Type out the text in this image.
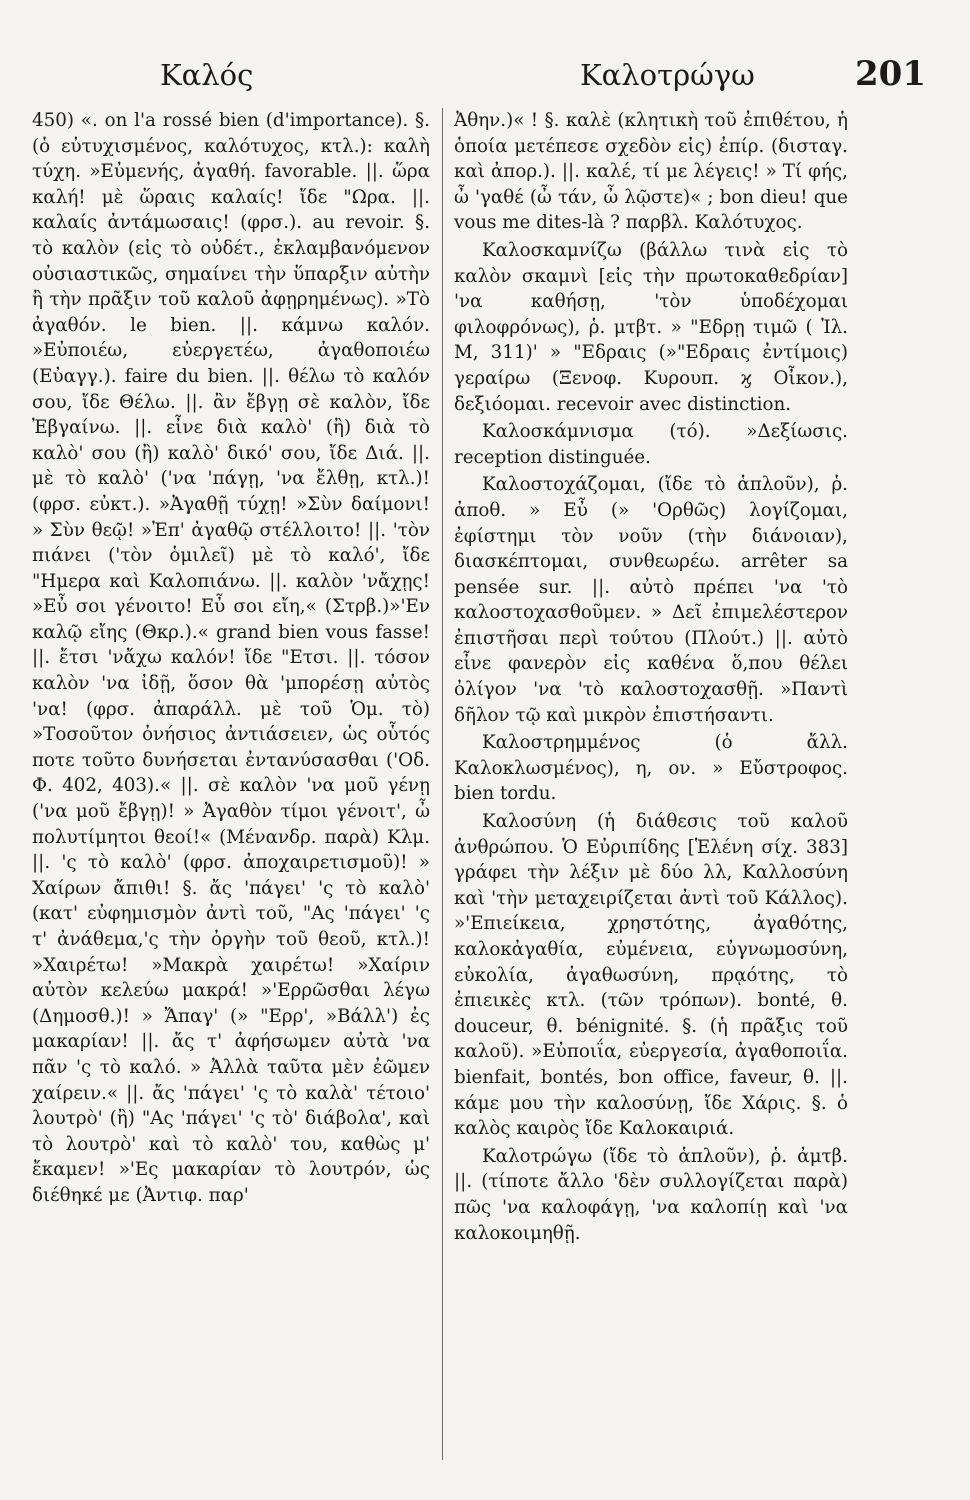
Καλός	Καλοτρώγω	201

450) «. on l'a rossé bien (d'importance). §. (ὁ εὐτυχισμένος, καλότυχος, κτλ.): καλὴ τύχη. »Εὐμενής, ἀγαθή. favorable. ||. ὥρα καλή! μὲ ὥραις καλαίς! ἴδε "Ωρα. ||. καλαίς ἀντάμωσαις! (φρσ.). au revoir. §. τὸ καλὸν (εἰς τὸ οὐδέτ., ἐκλαμβανόμενον οὐσιαστικῶς, σημαίνει τὴν ὕπαρξιν αὐτὴν ἢ τὴν πρᾶξιν τοῦ καλοῦ ἀφῃρημένως). »Τὸ ἀγαθόν. le bien. ||. κάμνω καλόν. »Εὐποιέω, εὐεργετέω, ἀγαθοποιέω (Εὐαγγ.). faire du bien. ||. θέλω τὸ καλόν σου, ἴδε Θέλω. ||. ἂν ἔβγῃ σὲ καλὸν, ἴδε Ἐβγαίνω. ||. εἶνε διὰ καλὸ' (ἢ) διὰ τὸ καλὸ' σου (ἢ) καλὸ' δικό' σου, ἴδε Διά. ||. μὲ τὸ καλὸ' ('να 'πάγῃ, 'να ἔλθῃ, κτλ.)! (φρσ. εὐκτ.). »Ἀγαθῇ τύχῃ! »Σὺν δαίμονι! » Σὺν θεῷ! »Ἐπ' ἀγαθῷ στέλλοιτο! ||. 'τὸν πιάνει ('τὸν ὁμιλεῖ) μὲ τὸ καλό', ἴδε "Ημερα καὶ Καλοπιάνω. ||. καλὸν 'νἄχῃς! »Εὖ σοι γένοιτο! Εὖ σοι εἴη,« (Στρβ.)»'Εν καλῷ εἴης (Θκρ.).« grand bien vous fasse! ||. ἔτσι 'νἄχω καλόν! ἴδε "Ετσι. ||. τόσον καλὸν 'να ἰδῇ, ὅσον θὰ 'μπορέσῃ αὐτὸς 'να! (φρσ. ἀπαράλλ. μὲ τοῦ Ὁμ. τὸ) »Τοσοῦτον ὀνήσιος ἀντιάσειεν, ὡς οὗτός ποτε τοῦτο δυνήσεται ἐντανύσασθαι ('Οδ. Φ. 402, 403).« ||. σὲ καλὸν 'να μοῦ γένῃ ('να μοῦ ἔβγῃ)! » Ἀγαθὸν τίμοι γένοιτ', ὦ πολυτίμητοι θεοί!« (Μένανδρ. παρὰ) Κλμ. ||. 'ς τὸ καλὸ' (φρσ. ἀποχαιρετισμοῦ)! » Χαίρων ἄπιθι! §. ἄς 'πάγει' 'ς τὸ καλὸ' (κατ' εὐφημισμὸν ἀντὶ τοῦ, "Ας 'πάγει' 'ς τ' ἀνάθεμα,'ς τὴν ὀργὴν τοῦ θεοῦ, κτλ.)! »Χαιρέτω! »Μακρὰ χαιρέτω! »Χαίριν αὐτὸν κελεύω μακρά! »'Ερρῶσθαι λέγω (Δημοσθ.)! » Ἄπαγ' (» "Ερρ', »Βάλλ') ἐς μακαρίαν! ||. ἄς τ' ἀφήσωμεν αὐτὰ 'να πᾶν 'ς τὸ καλό. » Ἀλλὰ ταῦτα μὲν ἐῶμεν χαίρειν.« ||. ἄς 'πάγει' 'ς τὸ καλὰ' τέτοιο' λουτρὸ' (ἢ) "Ας 'πάγει' 'ς τὸ' διάβολα', καὶ τὸ λουτρὸ' καὶ τὸ καλὸ' του, καθὼς μ' ἔκαμεν! »'Ες μακαρίαν τὸ λουτρόν, ὡς διέθηκέ με (Ἀντιφ. παρ'

Ἀθην.)« ! §. καλὲ (κλητικὴ τοῦ ἐπιθέτου, ἡ ὁποία μετέπεσε σχεδὸν εἰς) ἐπίρ. (δισταγ. καὶ ἀπορ.). ||. καλέ, τί με λέγεις! » Τί φής, ὦ 'γαθέ (ὦ τάν, ὦ λῷστε)« ; bon dieu! que vous me dites-là ? παρβλ. Καλότυχος.

Καλοσκαμνίζω (βάλλω τινὰ εἰς τὸ καλὸν σκαμνὶ [εἰς τὴν πρωτοκαθεδρίαν] 'να καθήσῃ, 'τὸν ὑποδέχομαι φιλοφρόνως), ῥ. μτβτ. » "Εδρῃ τιμῶ ( Ἰλ. Μ, 311)' » "Εδραις (»"Εδραις ἐντίμοις) γεραίρω (Ξενοφ. Κυρουπ. ϗ Οἶκον.), δεξιόομαι. recevoir avec distinction.

Καλοσκάμνισμα (τό). »Δεξίωσις. reception distinguée.

Καλοστοχάζομαι, (ἴδε τὸ ἁπλοῦν), ῥ. ἀποθ. » Εὖ (» 'Ορθῶς) λογίζομαι, ἐφίστημι τὸν νοῦν (τὴν διάνοιαν), διασκέπτομαι, συνθεωρέω. arrêter sa pensée sur. ||. αὐτὸ πρέπει 'να 'τὸ καλοστοχασθοῦμεν. » Δεῖ ἐπιμελέστερον ἐπιστῆσαι περὶ τούτου (Πλούτ.) ||. αὐτὸ εἶνε φανερὸν εἰς καθένα ὅ,που θέλει ὀλίγον 'να 'τὸ καλοστοχασθῇ. »Παντὶ δῆλον τῷ καὶ μικρὸν ἐπιστήσαντι.

Καλοστρημμένος (ὁ ἄλλ. Καλοκλωσμένος), η, ον. » Εὔστροφος. bien tordu.

Καλοσύνη (ἡ διάθεσις τοῦ καλοῦ ἀνθρώπου. Ὁ Εὐριπίδης [Ἑλένη σίχ. 383] γράφει τὴν λέξιν μὲ δύο λλ, Καλλοσύνη καὶ 'τὴν μεταχειρίζεται ἀντὶ τοῦ Κάλλος). »'Επιείκεια, χρηστότης, ἀγαθότης, καλοκἀγαθία, εὐμένεια, εὐγνωμοσύνη, εὐκολία, ἀγαθωσύνη, πρᾳότης, τὸ ἐπιεικὲς κτλ. (τῶν τρόπων). bonté, θ. douceur, θ. bénignité. §. (ἡ πρᾶξις τοῦ καλοῦ). »Εὐποιΐα, εὐεργεσία, ἀγαθοποιΐα. bienfait, bontés, bon office, faveur, θ. ||. κάμε μου τὴν καλοσύνῃ, ἴδε Χάρις. §. ὁ καλὸς καιρὸς ἴδε Καλοκαιριά.

Καλοτρώγω (ἴδε τὸ ἁπλοῦν), ῥ. ἀμτβ. ||. (τίποτε ἄλλο 'δὲν συλλογίζεται παρὰ) πῶς 'να καλοφάγῃ, 'να καλοπίῃ καὶ 'να καλοκοιμηθῇ.
